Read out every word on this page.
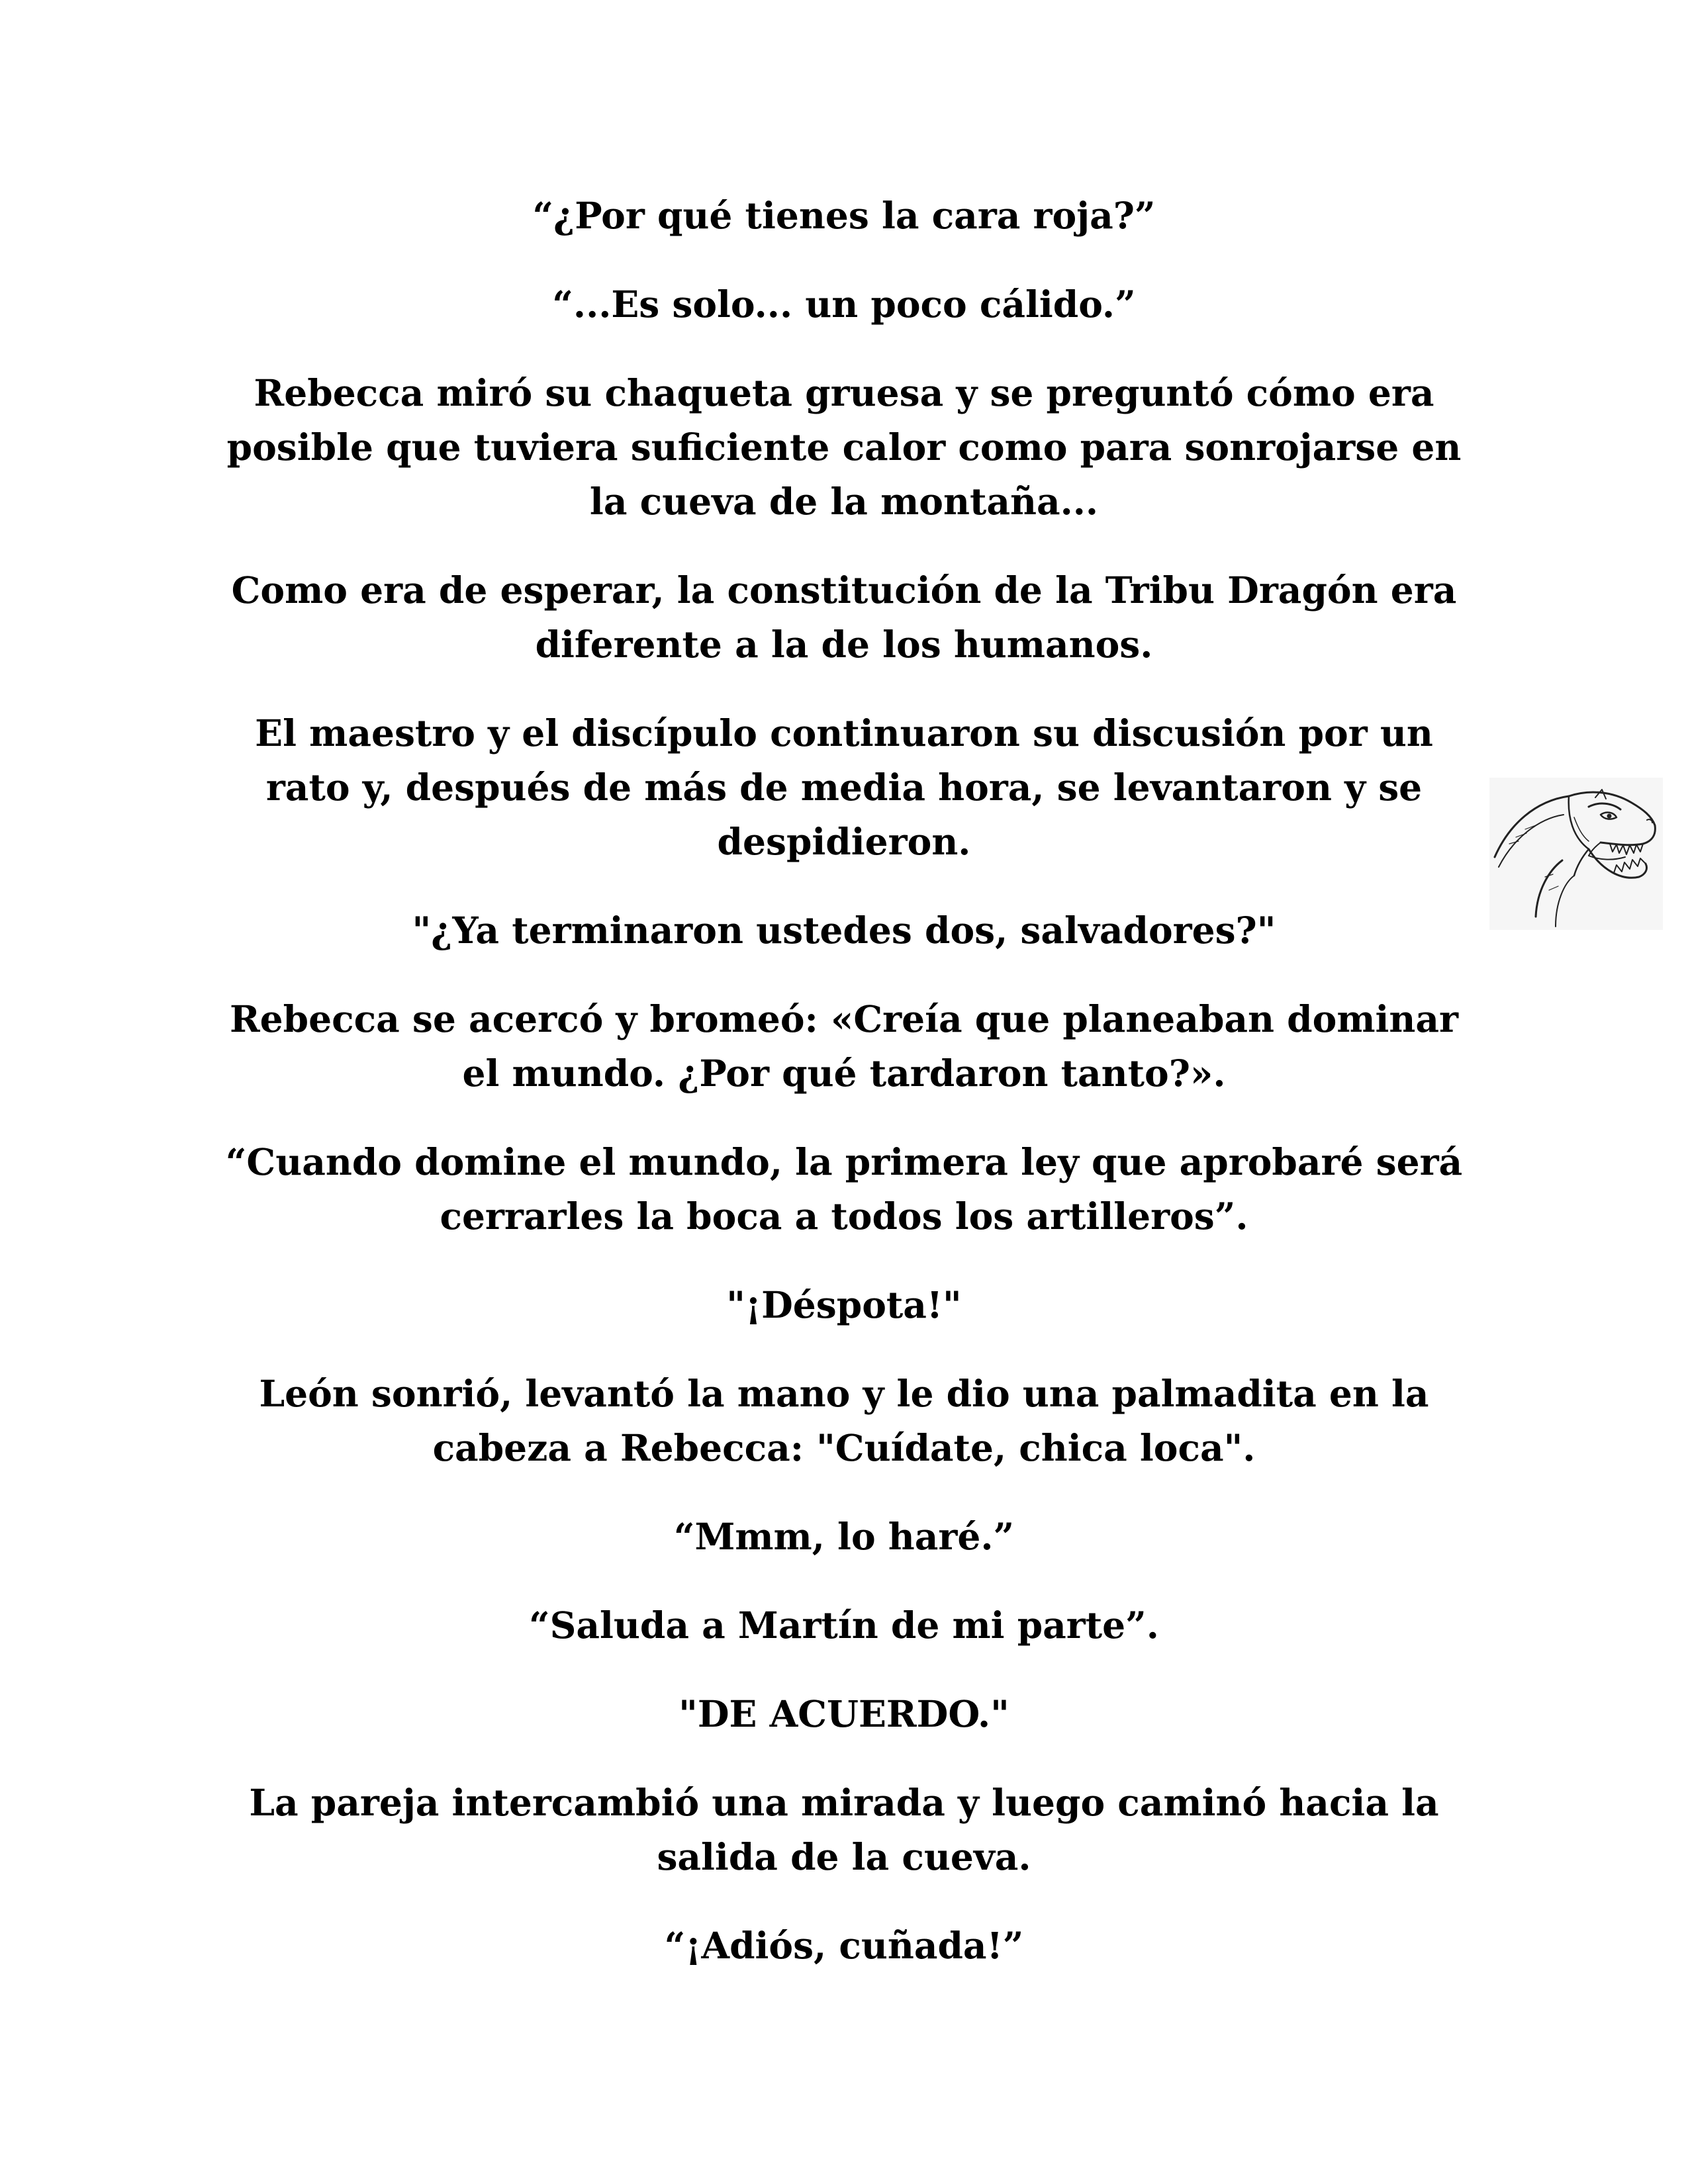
“¿Por qué tienes la cara roja?”

“...Es solo... un poco cálido.”

Rebecca miró su chaqueta gruesa y se preguntó cómo era posible que tuviera suficiente calor como para sonrojarse en la cueva de la montaña...

Como era de esperar, la constitución de la Tribu Dragón era diferente a la de los humanos.

El maestro y el discípulo continuaron su discusión por un rato y, después de más de media hora, se levantaron y se despidieron.

"¿Ya terminaron ustedes dos, salvadores?"

Rebecca se acercó y bromeó: «Creía que planeaban dominar el mundo. ¿Por qué tardaron tanto?».

“Cuando domine el mundo, la primera ley que aprobaré será cerrarles la boca a todos los artilleros”.

"¡Déspota!"

León sonrió, levantó la mano y le dio una palmadita en la cabeza a Rebecca: "Cuídate, chica loca".

“Mmm, lo haré.”

“Saluda a Martín de mi parte”.

"DE ACUERDO."

La pareja intercambió una mirada y luego caminó hacia la salida de la cueva.

“¡Adiós, cuñada!”
